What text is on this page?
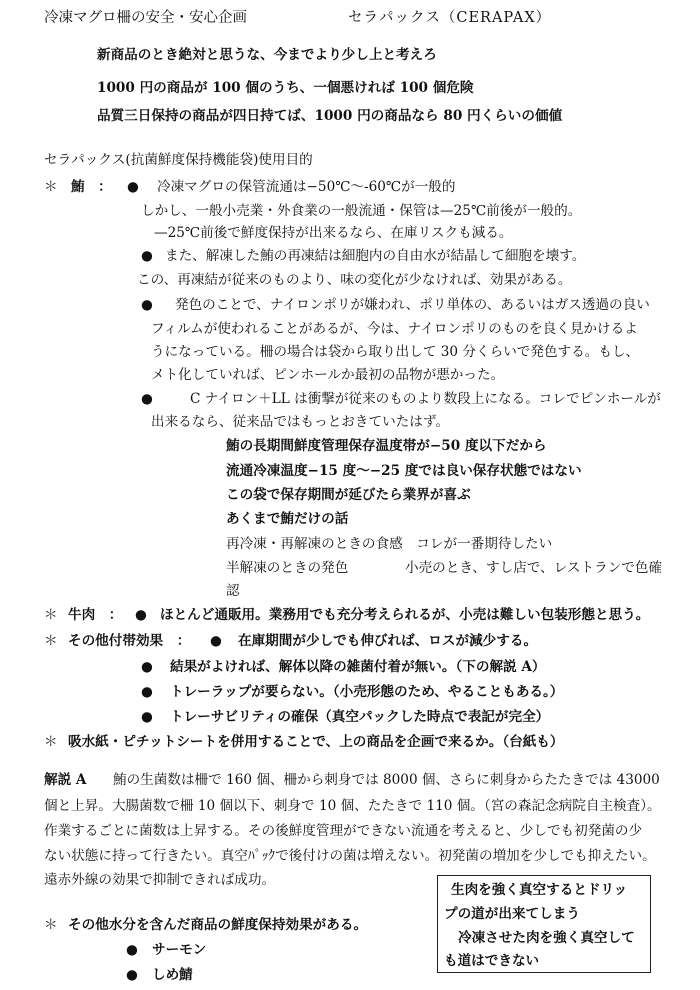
冷凍マグロ柵の安全・安心企画	セラパックス（CERAPAX）
新商品のとき絶対と思うな、今までより少し上と考えろ
1000 円の商品が 100 個のうち、一個悪ければ 100 個危険
品質三日保持の商品が四日持てば、1000 円の商品なら 80 円くらいの価値
セラパックス(抗菌鮮度保持機能袋)使用目的
＊ 鮪　： ● 冷凍マグロの保管流通は−50℃〜-60℃が一般的
しかし、一般小売業・外食業の一般流通・保管は—25℃前後が一般的。
—25℃前後で鮮度保持が出来るなら、在庫リスクも減る。
● また、解凍した鮪の再凍結は細胞内の自由水が結晶して細胞を壊す。
この、再凍結が従来のものより、味の変化が少なければ、効果がある。
● 発色のことで、ナイロンポリが嫌われ、ポリ単体の、あるいはガス透過の良い
フィルムが使われることがあるが、今は、ナイロンポリのものを良く見かけるよ
うになっている。柵の場合は袋から取り出して 30 分くらいで発色する。もし、
メト化していれば、ピンホールか最初の品物が悪かった。
●	C ナイロン＋LL は衝撃が従来のものより数段上になる。コレでピンホールが
出来るなら、従来品ではもっとおきていたはず。
鮪の長期間鮮度管理保存温度帯が−50 度以下だから
流通冷凍温度−15 度〜−25 度では良い保存状態ではない
この袋で保存期間が延びたら業界が喜ぶ
あくまで鮪だけの話
再冷凍・再解凍のときの食感　コレが一番期待したい
半解凍のときの発色	小売のとき、すし店で、レストランで色確
認
＊ 牛肉　： ● ほとんど通販用。業務用でも充分考えられるが、小売は難しい包装形態と思う。
＊ その他付帯効果　： ● 在庫期間が少しでも伸びれば、ロスが減少する。
● 結果がよければ、解体以降の雑菌付着が無い。（下の解説 A）
● トレーラップが要らない。（小売形態のため、やることもある。）
● トレーサビリティの確保（真空パックした時点で表記が完全）
＊ 吸水紙・ピチットシートを併用することで、上の商品を企画で来るか。（台紙も）
解説 A 鮪の生菌数は柵で 160 個、柵から刺身では 8000 個、さらに刺身からたたきでは 43000
個と上昇。大腸菌数で柵 10 個以下、刺身で 10 個、たたきで 110 個。（宮の森記念病院自主検査）。
作業するごとに菌数は上昇する。その後鮮度管理ができない流通を考えると、少しでも初発菌の少
ない状態に持って行きたい。真空ﾊﾟｯｸで後付けの菌は増えない。初発菌の増加を少しでも抑えたい。
遠赤外線の効果で抑制できれば成功。
＊ その他水分を含んだ商品の鮮度保持効果がある。
● サーモン
● しめ鯖
生肉を強く真空するとドリッ
プの道が出来てしまう
冷凍させた肉を強く真空して
も道はできない
